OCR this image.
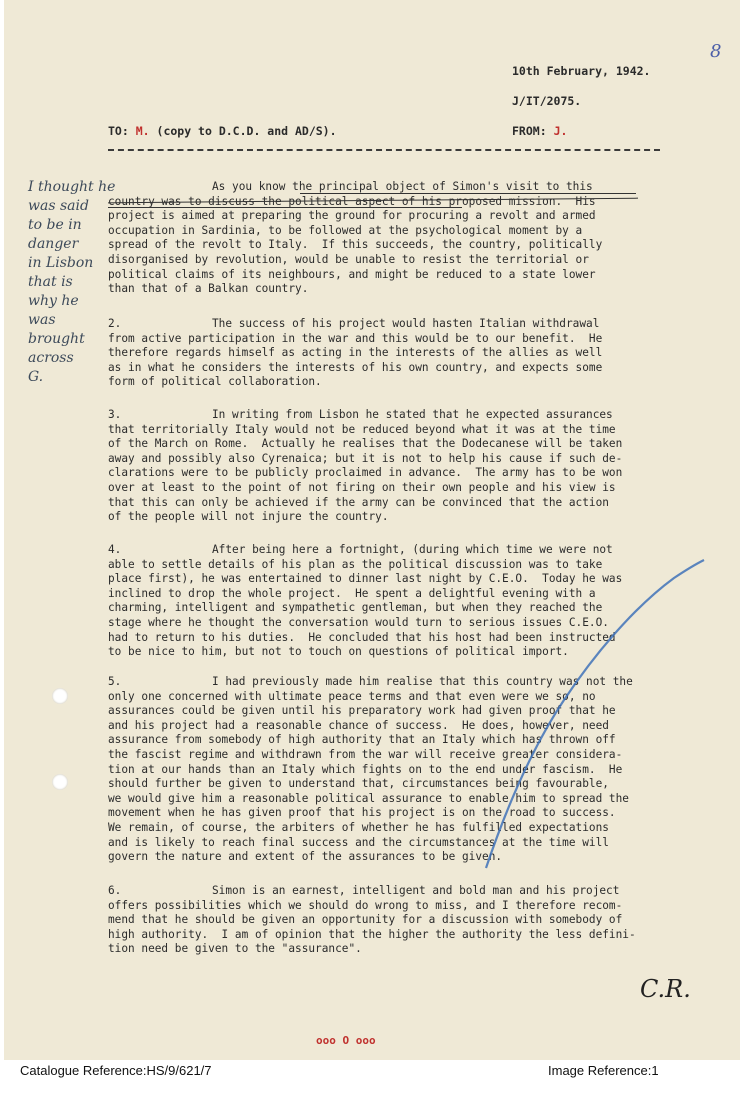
8
10th February, 1942.
J/IT/2075.
TO: M. (copy to D.C.D. and AD/S).	FROM: J.

As you know the principal object of Simon's visit to this

country was to discuss the political aspect of his proposed mission.  His

project is aimed at preparing the ground for procuring a revolt and armed

occupation in Sardinia, to be followed at the psychological moment by a

spread of the revolt to Italy.  If this succeeds, the country, politically

disorganised by revolution, would be unable to resist the territorial or

political claims of its neighbours, and might be reduced to a state lower

than that of a Balkan country.

2.	The success of his project would hasten Italian withdrawal

from active participation in the war and this would be to our benefit.  He

therefore regards himself as acting in the interests of the allies as well

as in what he considers the interests of his own country, and expects some

form of political collaboration.

3.	In writing from Lisbon he stated that he expected assurances

that territorially Italy would not be reduced beyond what it was at the time

of the March on Rome.  Actually he realises that the Dodecanese will be taken

away and possibly also Cyrenaica; but it is not to help his cause if such de-

clarations were to be publicly proclaimed in advance.  The army has to be won

over at least to the point of not firing on their own people and his view is

that this can only be achieved if the army can be convinced that the action

of the people will not injure the country.

4.	After being here a fortnight, (during which time we were not

able to settle details of his plan as the political discussion was to take

place first), he was entertained to dinner last night by C.E.O.  Today he was

inclined to drop the whole project.  He spent a delightful evening with a

charming, intelligent and sympathetic gentleman, but when they reached the

stage where he thought the conversation would turn to serious issues C.E.O.

had to return to his duties.  He concluded that his host had been instructed

to be nice to him, but not to touch on questions of political import.

5.	I had previously made him realise that this country was not the

only one concerned with ultimate peace terms and that even were we so, no

assurances could be given until his preparatory work had given proof that he

and his project had a reasonable chance of success.  He does, however, need

assurance from somebody of high authority that an Italy which has thrown off

the fascist regime and withdrawn from the war will receive greater considera-

tion at our hands than an Italy which fights on to the end under fascism.  He

should further be given to understand that, circumstances being favourable,

we would give him a reasonable political assurance to enable him to spread the

movement when he has given proof that his project is on the road to success.

We remain, of course, the arbiters of whether he has fulfilled expectations

and is likely to reach final success and the circumstances at the time will

govern the nature and extent of the assurances to be given.

6.	Simon is an earnest, intelligent and bold man and his project

offers possibilities which we should do wrong to miss, and I therefore recom-

mend that he should be given an opportunity for a discussion with somebody of

high authority.  I am of opinion that the higher the authority the less defini-

tion need be given to the "assurance".

I thought he
was said
to be in
danger
in Lisbon
that is
why he
was
brought
across
G.
C.R.
ooo O ooo
Catalogue Reference:HS/9/621/7	Image Reference:1
